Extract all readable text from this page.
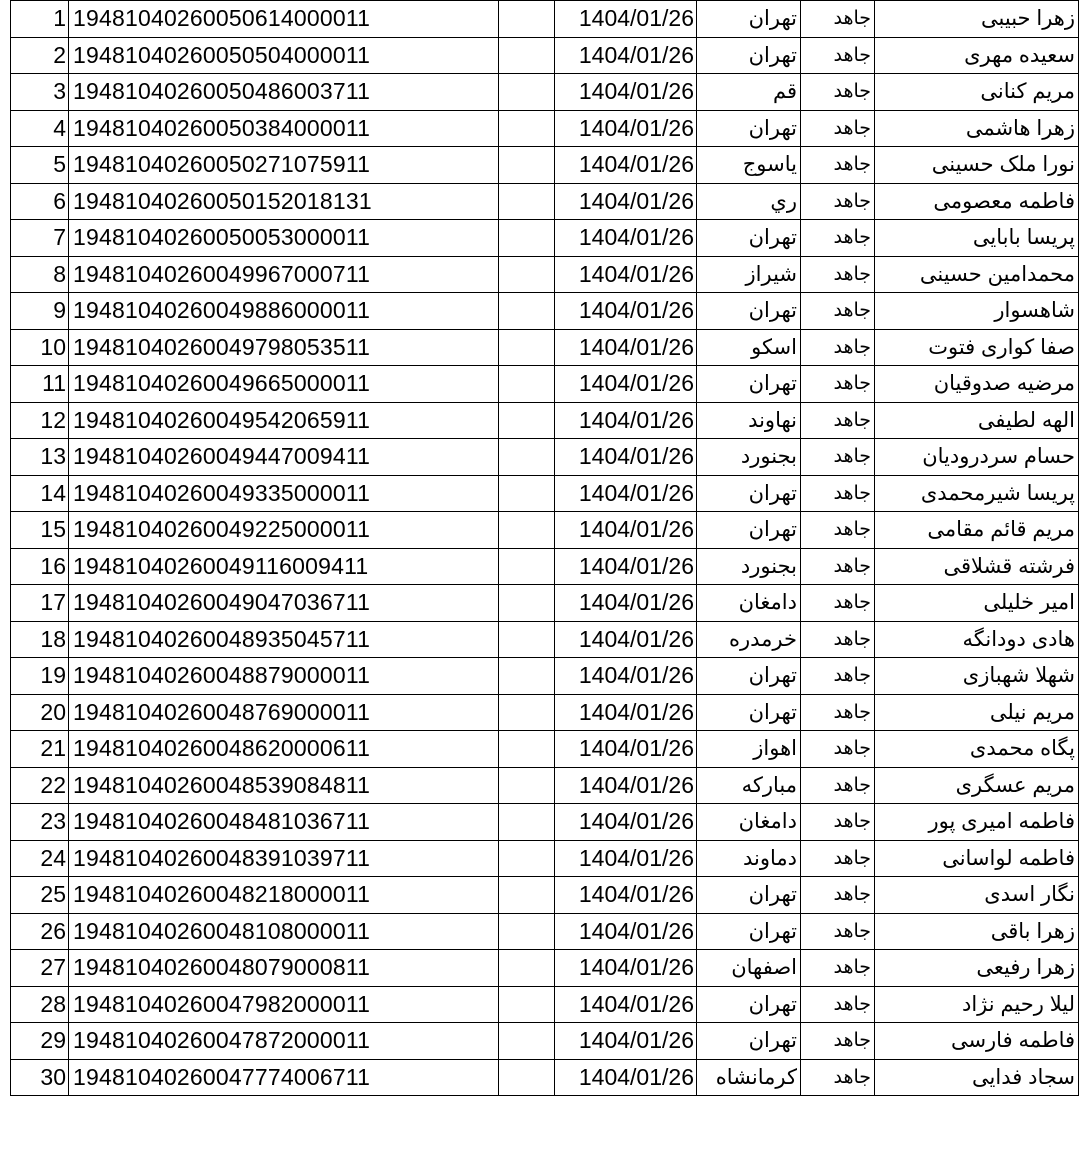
1	19481040260050614000011		1404/01/26	تهران	جاهد	زهرا حبیبی
2	19481040260050504000011		1404/01/26	تهران	جاهد	سعیده مهری
3	19481040260050486003711		1404/01/26	قم	جاهد	مریم کنانی
4	19481040260050384000011		1404/01/26	تهران	جاهد	زهرا هاشمی
5	19481040260050271075911		1404/01/26	یاسوج	جاهد	نورا ملک حسینی
6	19481040260050152018131		1404/01/26	ري	جاهد	فاطمه معصومی
7	19481040260050053000011		1404/01/26	تهران	جاهد	پریسا بابایی
8	19481040260049967000711		1404/01/26	شیراز	جاهد	محمدامین حسینی
9	19481040260049886000011		1404/01/26	تهران	جاهد	شاهسوار
10	19481040260049798053511		1404/01/26	اسکو	جاهد	صفا کواری فتوت
11	19481040260049665000011		1404/01/26	تهران	جاهد	مرضیه صدوقیان
12	19481040260049542065911		1404/01/26	نهاوند	جاهد	الهه لطیفی
13	19481040260049447009411		1404/01/26	بجنورد	جاهد	حسام سردرودیان
14	19481040260049335000011		1404/01/26	تهران	جاهد	پریسا شیرمحمدی
15	19481040260049225000011		1404/01/26	تهران	جاهد	مریم قائم مقامی
16	19481040260049116009411		1404/01/26	بجنورد	جاهد	فرشته قشلاقی
17	19481040260049047036711		1404/01/26	دامغان	جاهد	امیر خلیلی
18	19481040260048935045711		1404/01/26	خرمدره	جاهد	هادی دودانگه
19	19481040260048879000011		1404/01/26	تهران	جاهد	شهلا شهبازی
20	19481040260048769000011		1404/01/26	تهران	جاهد	مریم نیلی
21	19481040260048620000611		1404/01/26	اهواز	جاهد	پگاه محمدی
22	19481040260048539084811		1404/01/26	مبارکه	جاهد	مریم عسگری
23	19481040260048481036711		1404/01/26	دامغان	جاهد	فاطمه امیری پور
24	19481040260048391039711		1404/01/26	دماوند	جاهد	فاطمه لواسانی
25	19481040260048218000011		1404/01/26	تهران	جاهد	نگار اسدی
26	19481040260048108000011		1404/01/26	تهران	جاهد	زهرا باقی
27	19481040260048079000811		1404/01/26	اصفهان	جاهد	زهرا رفیعی
28	19481040260047982000011		1404/01/26	تهران	جاهد	لیلا رحیم نژاد
29	19481040260047872000011		1404/01/26	تهران	جاهد	فاطمه فارسی
30	19481040260047774006711		1404/01/26	کرمانشاه	جاهد	سجاد فدایی
